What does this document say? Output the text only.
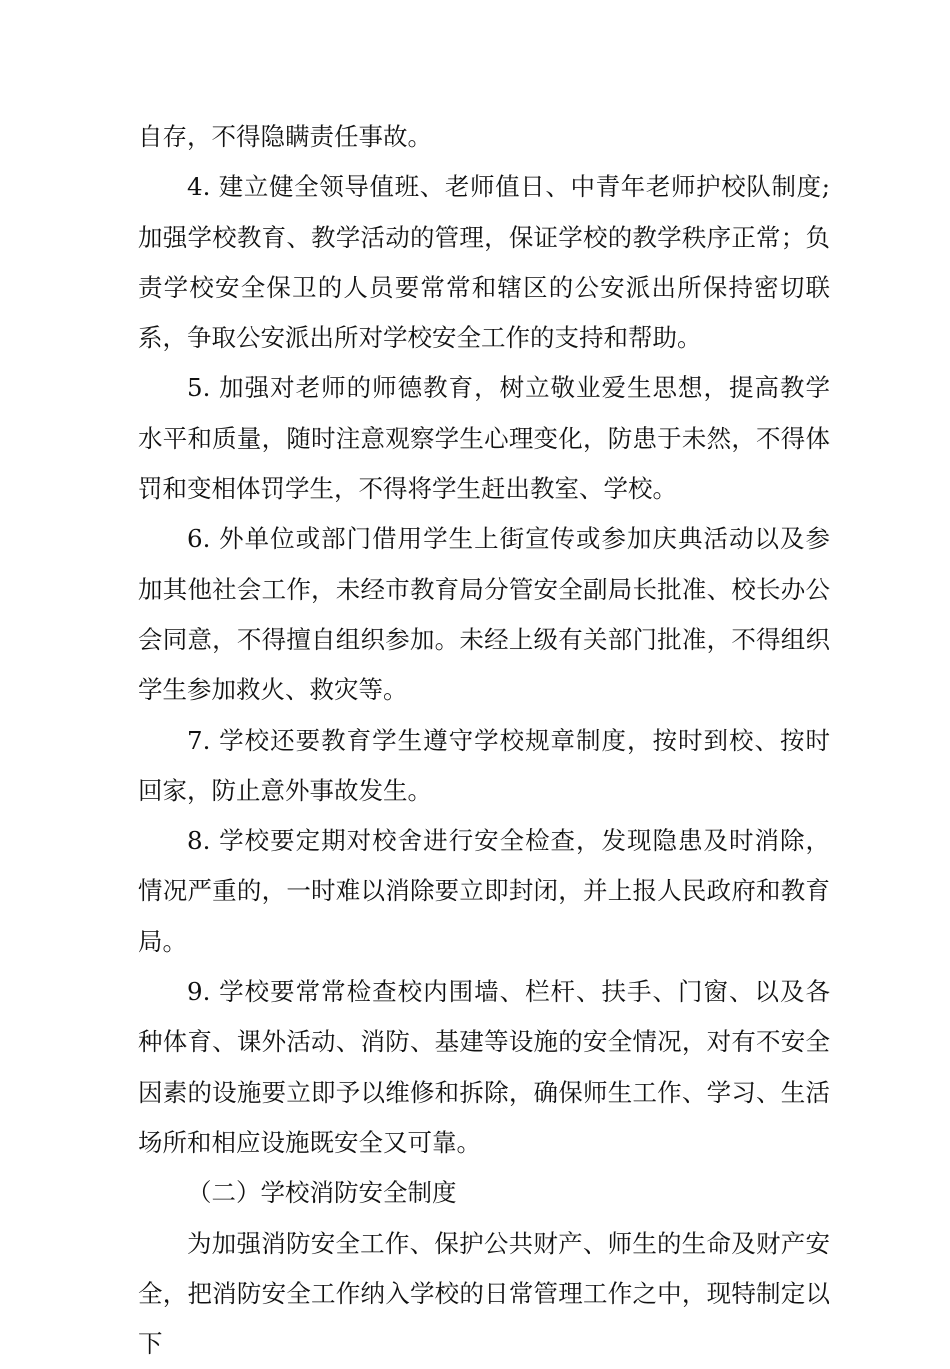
自存，不得隐瞒责任事故。

4. 建立健全领导值班、老师值日、中青年老师护校队制度;加强学校教育、教学活动的管理，保证学校的教学秩序正常；负责学校安全保卫的人员要常常和辖区的公安派出所保持密切联系，争取公安派出所对学校安全工作的支持和帮助。

5. 加强对老师的师德教育，树立敬业爱生思想，提高教学水平和质量，随时注意观察学生心理变化，防患于未然，不得体罚和变相体罚学生，不得将学生赶出教室、学校。

6. 外单位或部门借用学生上街宣传或参加庆典活动以及参加其他社会工作，未经市教育局分管安全副局长批准、校长办公会同意，不得擅自组织参加。未经上级有关部门批准，不得组织学生参加救火、救灾等。

7. 学校还要教育学生遵守学校规章制度，按时到校、按时回家，防止意外事故发生。

8. 学校要定期对校舍进行安全检查，发现隐患及时消除，情况严重的，一时难以消除要立即封闭，并上报人民政府和教育局。

9. 学校要常常检查校内围墙、栏杆、扶手、门窗、以及各种体育、课外活动、消防、基建等设施的安全情况，对有不安全因素的设施要立即予以维修和拆除，确保师生工作、学习、生活场所和相应设施既安全又可靠。

（二）学校消防安全制度

为加强消防安全工作、保护公共财产、师生的生命及财产安全，把消防安全工作纳入学校的日常管理工作之中，现特制定以下
